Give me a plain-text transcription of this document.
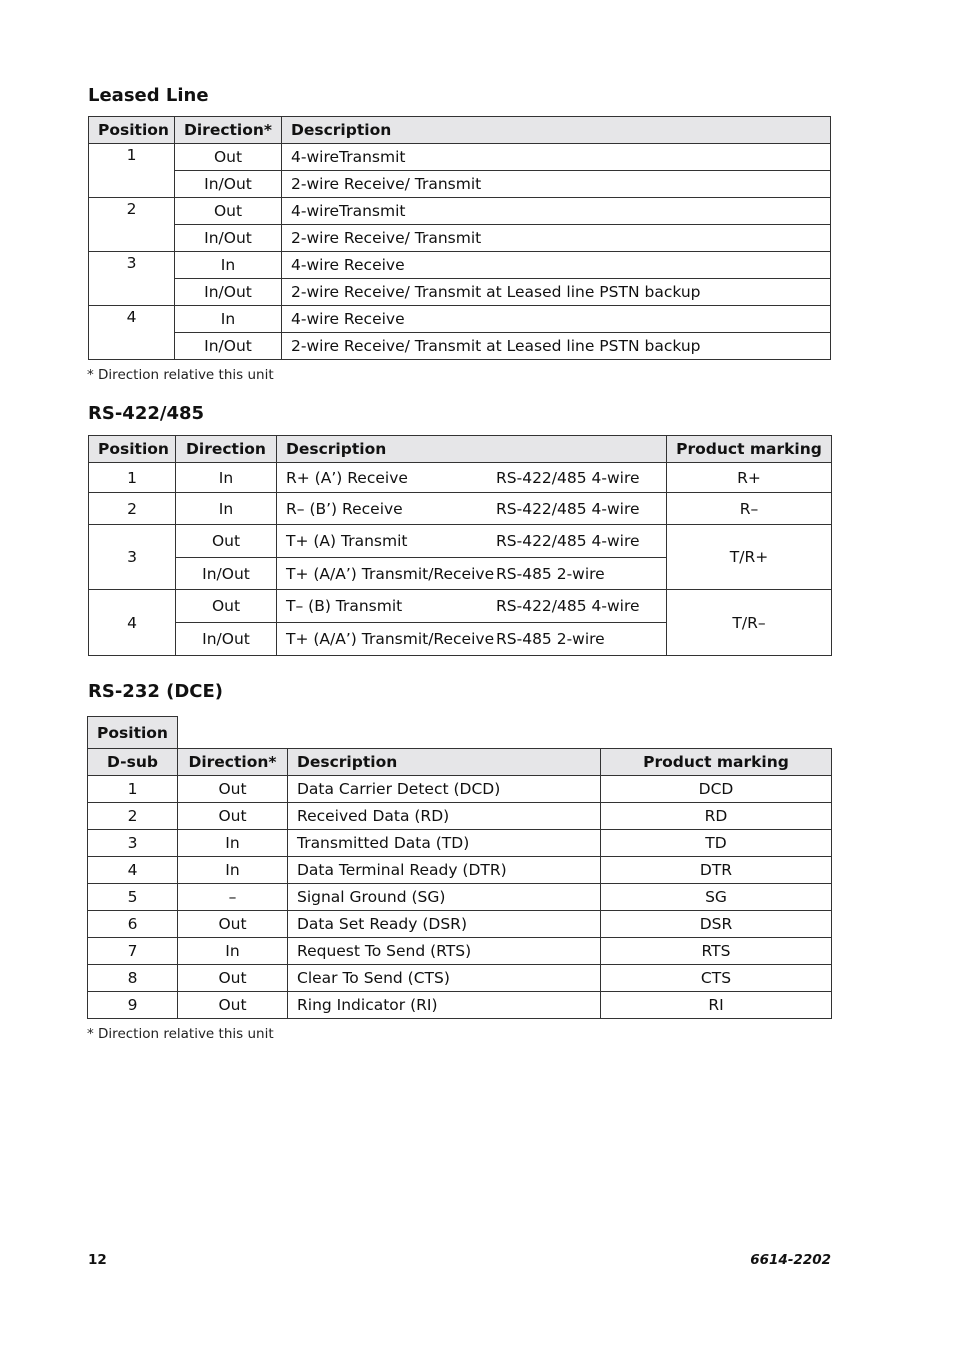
Leased Line
Position	Direction*	Description
1	Out	4-wireTransmit
	In/Out	2-wire Receive/ Transmit
2	Out	4-wireTransmit
	In/Out	2-wire Receive/ Transmit
3	In	4-wire Receive
	In/Out	2-wire Receive/ Transmit at Leased line PSTN backup
4	In	4-wire Receive
	In/Out	2-wire Receive/ Transmit at Leased line PSTN backup
* Direction relative this unit
RS-422/485
Position	Direction	Description	Product marking
1	In	R+ (A’) Receive RS-422/485 4-wire	R+
2	In	R– (B’) Receive RS-422/485 4-wire	R–
3	Out	T+ (A) Transmit RS-422/485 4-wire	T/R+
	In/Out	T+ (A/A’) Transmit/Receive RS-485 2-wire	
4	Out	T– (B) Transmit RS-422/485 4-wire	T/R–
	In/Out	T+ (A/A’) Transmit/Receive RS-485 2-wire	
RS-232 (DCE)
Position			
D-sub	Direction*	Description	Product marking
1	Out	Data Carrier Detect (DCD)	DCD
2	Out	Received Data (RD)	RD
3	In	Transmitted Data (TD)	TD
4	In	Data Terminal Ready (DTR)	DTR
5	–	Signal Ground (SG)	SG
6	Out	Data Set Ready (DSR)	DSR
7	In	Request To Send (RTS)	RTS
8	Out	Clear To Send (CTS)	CTS
9	Out	Ring Indicator (RI)	RI
* Direction relative this unit
12	6614-2202
